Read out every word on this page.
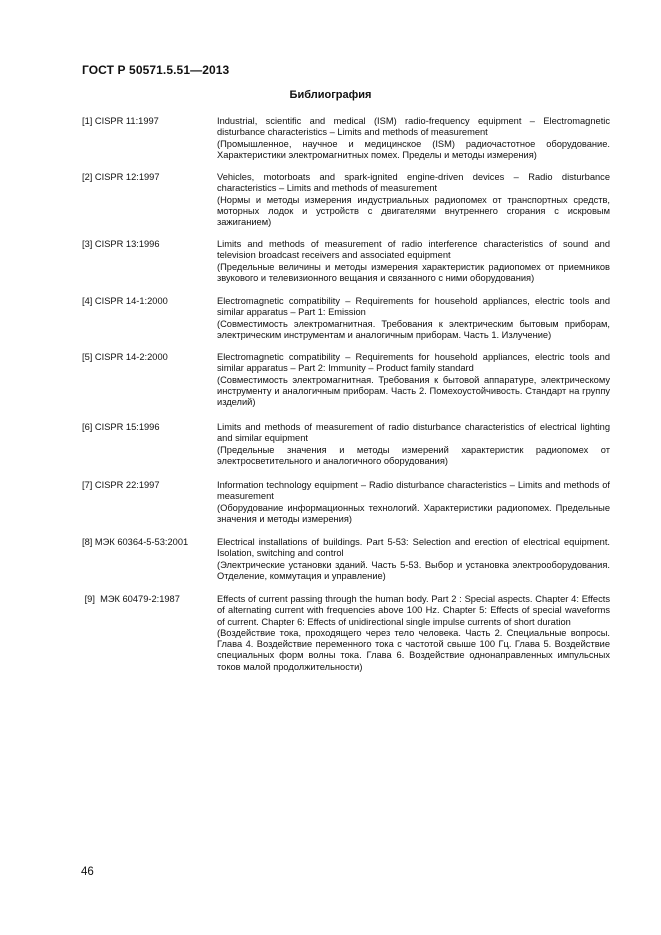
ГОСТ Р 50571.5.51—2013
Библиография
[1] CISPR 11:1997	Industrial, scientific and medical (ISM) radio-frequency equipment – Electromagnetic disturbance characteristics – Limits and methods of measurement

(Промышленное, научное и медицинское (ISM) радиочастотное оборудование. Характеристики электромагнитных помех. Пределы и методы измерения)

[2] CISPR 12:1997	Vehicles, motorboats and spark-ignited engine-driven devices – Radio disturbance characteristics – Limits and methods of measurement

(Нормы и методы измерения индустриальных радиопомех от транспортных средств, моторных лодок и устройств с двигателями внутреннего сгорания с искровым зажиганием)

[3] CISPR 13:1996	Limits and methods of measurement of radio interference characteristics of sound and television broadcast receivers and associated equipment

(Предельные величины и методы измерения характеристик радиопомех от приемников звукового и телевизионного вещания и связанного с ними оборудования)

[4] CISPR 14-1:2000	Electromagnetic compatibility – Requirements for household appliances, electric tools and similar apparatus – Part 1: Emission

(Совместимость электромагнитная. Требования к электрическим бытовым приборам, электрическим инструментам и аналогичным приборам. Часть 1. Излучение)

[5] CISPR 14-2:2000	Electromagnetic compatibility – Requirements for household appliances, electric tools and similar apparatus – Part 2: Immunity – Product family standard

(Совместимость электромагнитная. Требования к бытовой аппаратуре, электрическому инструменту и аналогичным приборам. Часть 2. Помехоустойчивость. Стандарт на группу изделий)

[6] CISPR 15:1996	Limits and methods of measurement of radio disturbance characteristics of electrical lighting and similar equipment

(Предельные значения и методы измерений характеристик радиопомех от электросветительного и аналогичного оборудования)

[7] CISPR 22:1997	Information technology equipment – Radio disturbance characteristics – Limits and methods of measurement

(Оборудование информационных технологий. Характеристики радиопомех. Предельные значения и методы измерения)

[8] МЭК 60364-5-53:2001	Electrical installations of buildings. Part 5-53: Selection and erection of electrical equipment. Isolation, switching and control

(Электрические установки зданий. Часть 5-53. Выбор и установка электрооборудования. Отделение, коммутация и управление)

[9]  МЭК 60479-2:1987	Effects of current passing through the human body. Part 2 : Special aspects. Chapter 4: Effects of alternating current with frequencies above 100 Hz. Chapter 5: Effects of special waveforms of current. Chapter 6: Effects of unidirectional single impulse currents of short duration

(Воздействие тока, проходящего через тело человека. Часть 2. Специальные вопросы. Глава 4. Воздействие переменного тока с частотой свыше 100 Гц. Глава 5. Воздействие специальных форм волны тока. Глава 6. Воздействие однонаправленных импульсных токов малой продолжительности)

46
